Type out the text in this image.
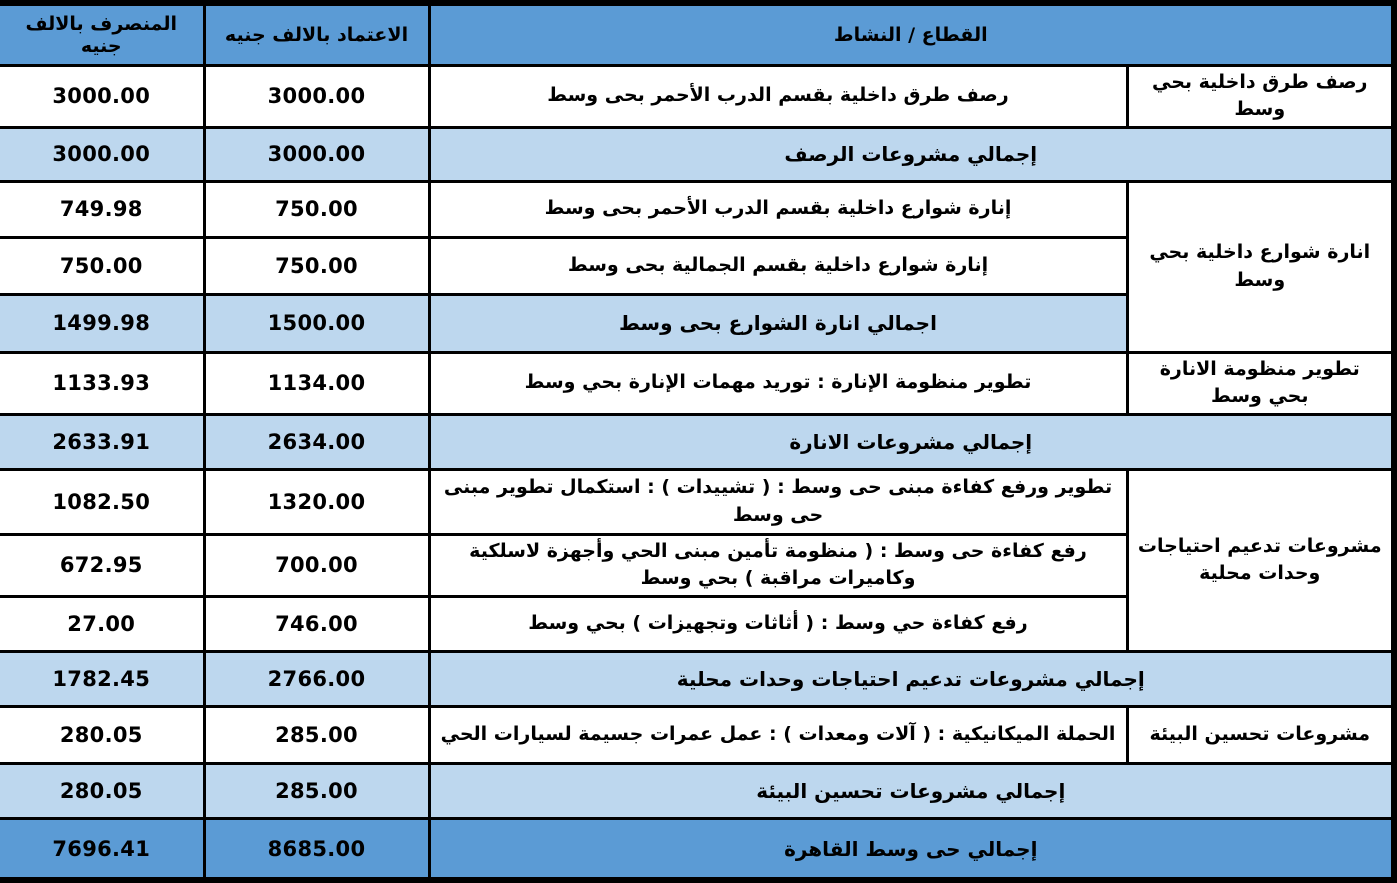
القطاع / النشاط		الاعتماد بالالف جنيه	المنصرف بالالف جنيه
رصف طرق داخلية بحي وسط	رصف طرق داخلية بقسم الدرب الأحمر بحى وسط	3000.00	3000.00
إجمالي مشروعات الرصف		3000.00	3000.00
انارة شوارع داخلية بحي وسط	إنارة شوارع داخلية بقسم الدرب الأحمر بحى وسط	750.00	749.98
	إنارة شوارع داخلية بقسم الجمالية بحى وسط	750.00	750.00
	اجمالي انارة الشوارع بحى وسط	1500.00	1499.98
تطوير منظومة الانارة بحي وسط	تطوير منظومة الإنارة : توريد مهمات الإنارة بحي وسط	1134.00	1133.93
إجمالي مشروعات الانارة		2634.00	2633.91
مشروعات تدعيم احتياجات وحدات محلية	تطوير ورفع كفاءة مبنى حى وسط : ( تشييدات ) : استكمال تطوير مبنى حى وسط	1320.00	1082.50
	رفع كفاءة حى وسط : ( منظومة تأمين مبنى الحي وأجهزة لاسلكية وكاميرات مراقبة ) بحي وسط	700.00	672.95
	رفع كفاءة حي وسط : ( أثاثات وتجهيزات ) بحي وسط	746.00	27.00
إجمالي مشروعات تدعيم احتياجات وحدات محلية		2766.00	1782.45
مشروعات تحسين البيئة	الحملة الميكانيكية : ( آلات ومعدات ) : عمل عمرات جسيمة لسيارات الحي	285.00	280.05
إجمالي مشروعات تحسين البيئة		285.00	280.05
إجمالي حى وسط القاهرة		8685.00	7696.41
